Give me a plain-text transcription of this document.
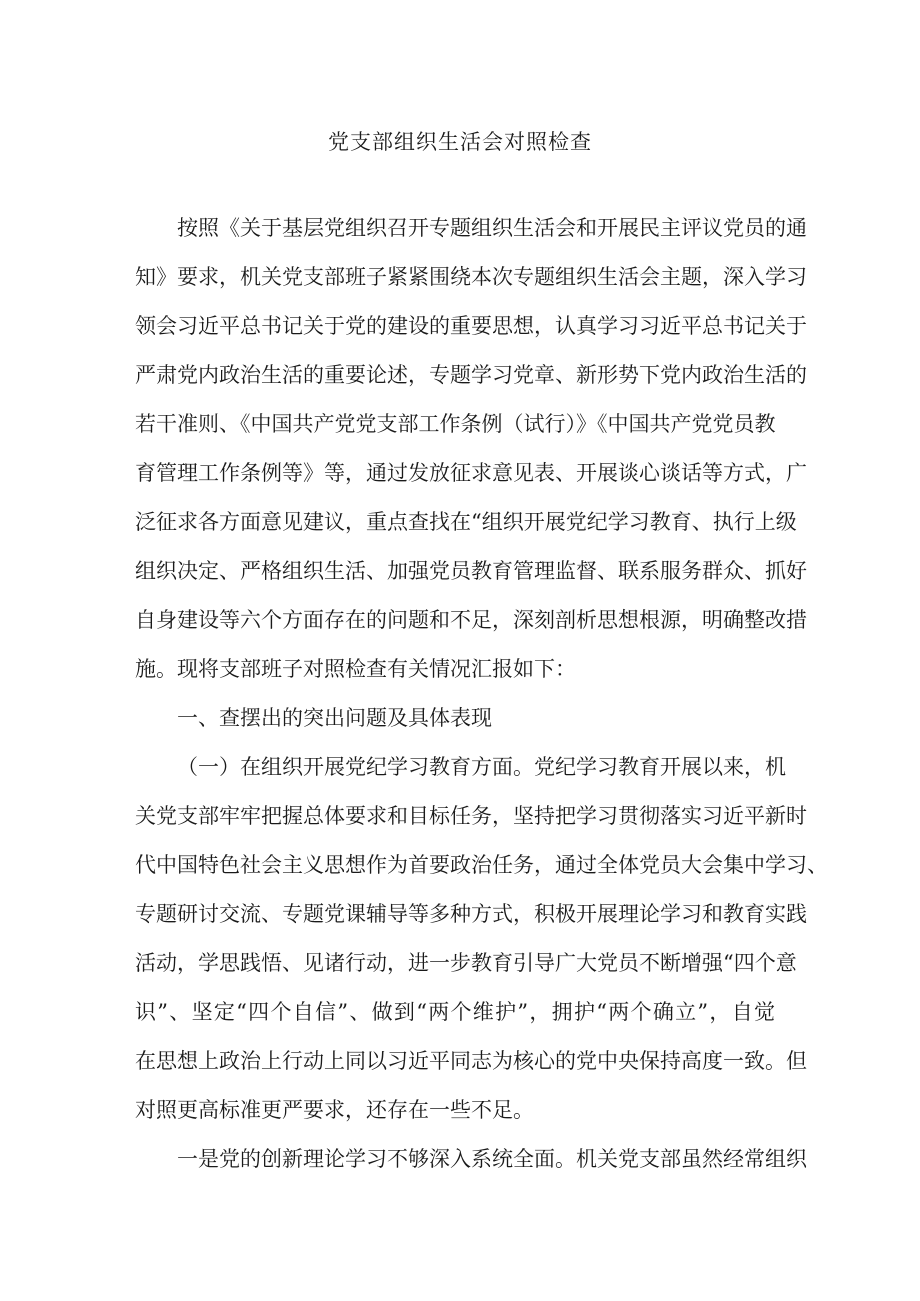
党支部组织生活会对照检查
按照《关于基层党组织召开专题组织生活会和开展民主评议党员的通
知》要求，机关党支部班子紧紧围绕本次专题组织生活会主题，深入学习
领会习近平总书记关于党的建设的重要思想，认真学习习近平总书记关于
严肃党内政治生活的重要论述，专题学习党章、新形势下党内政治生活的
若干准则、《中国共产党党支部工作条例（试行）》《中国共产党党员教
育管理工作条例等》等，通过发放征求意见表、开展谈心谈话等方式，广
泛征求各方面意见建议，重点查找在“组织开展党纪学习教育、执行上级
组织决定、严格组织生活、加强党员教育管理监督、联系服务群众、抓好
自身建设等六个方面存在的问题和不足，深刻剖析思想根源，明确整改措
施。现将支部班子对照检查有关情况汇报如下：
一、查摆出的突出问题及具体表现
（一）在组织开展党纪学习教育方面。党纪学习教育开展以来，机
关党支部牢牢把握总体要求和目标任务，坚持把学习贯彻落实习近平新时
代中国特色社会主义思想作为首要政治任务，通过全体党员大会集中学习、
专题研讨交流、专题党课辅导等多种方式，积极开展理论学习和教育实践
活动，学思践悟、见诸行动，进一步教育引导广大党员不断增强“四个意
识”、坚定“四个自信”、做到“两个维护”，拥护“两个确立”，自觉
在思想上政治上行动上同以习近平同志为核心的党中央保持高度一致。但
对照更高标准更严要求，还存在一些不足。
一是党的创新理论学习不够深入系统全面。机关党支部虽然经常组织
